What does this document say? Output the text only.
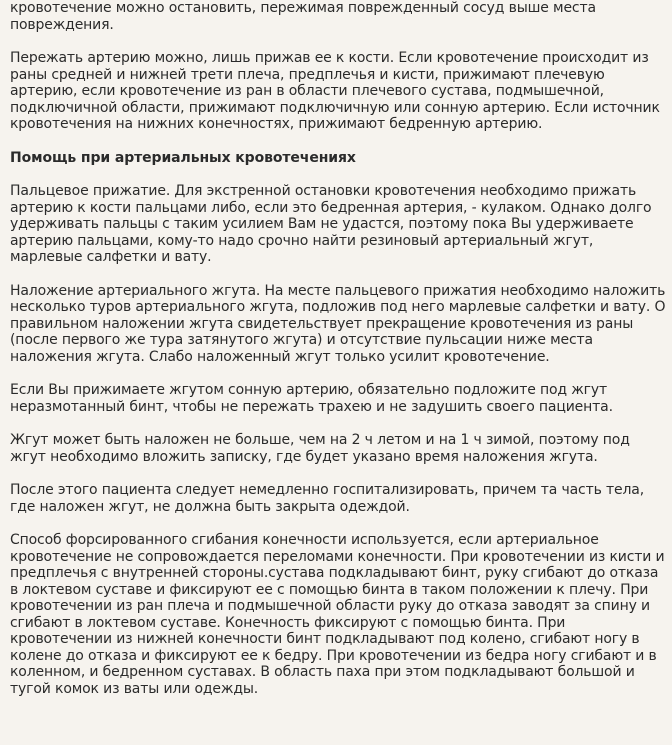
кровотечение можно остановить, пережимая поврежденный сосуд выше места повреждения.

Пережать артерию можно, лишь прижав ее к кости. Если кровотечение происходит из раны средней и нижней трети плеча, предплечья и кисти, прижимают плечевую артерию, если кровотечение из ран в области плечевого сустава, подмышечной, подключичной области, прижимают подключичную или сонную артерию. Если источник кровотечения на нижних конечностях, прижимают бедренную артерию.

Помощь при артериальных кровотечениях

Пальцевое прижатие. Для экстренной остановки кровотечения необходимо прижать артерию к кости пальцами либо, если это бедренная артерия, - кулаком. Однако долго удерживать пальцы с таким усилием Вам не удастся, поэтому пока Вы удерживаете артерию пальцами, кому-то надо срочно найти резиновый артериальный жгут, марлевые салфетки и вату.

Наложение артериального жгута. На месте пальцевого прижатия необходимо наложить несколько туров артериального жгута, подложив под него марлевые салфетки и вату. О правильном наложении жгута свидетельствует прекращение кровотечения из раны (после первого же тура затянутого жгута) и отсутствие пульсации ниже места наложения жгута. Слабо наложенный жгут только усилит кровотечение.

Если Вы прижимаете жгутом сонную артерию, обязательно подложите под жгут неразмотанный бинт, чтобы не пережать трахею и не задушить своего пациента.

Жгут может быть наложен не больше, чем на 2 ч летом и на 1 ч зимой, поэтому под жгут необходимо вложить записку, где будет указано время наложения жгута.

После этого пациента следует немедленно госпитализировать, причем та часть тела, где наложен жгут, не должна быть закрыта одеждой.

Способ форсированного сгибания конечности используется, если артериальное кровотечение не сопровождается переломами конечности. При кровотечении из кисти и предплечья с внутренней стороны.сустава подкладывают бинт, руку сгибают до отказа в локтевом суставе и фиксируют ее с помощью бинта в таком положении к плечу. При кровотечении из ран плеча и подмышечной области руку до отказа заводят за спину и сгибают в локтевом суставе. Конечность фиксируют с помощью бинта. При кровотечении из нижней конечности бинт подкладывают под колено, сгибают ногу в колене до отказа и фиксируют ее к бедру. При кровотечении из бедра ногу сгибают и в коленном, и бедренном суставах. В область паха при этом подкладывают большой и тугой комок из ваты или одежды.
